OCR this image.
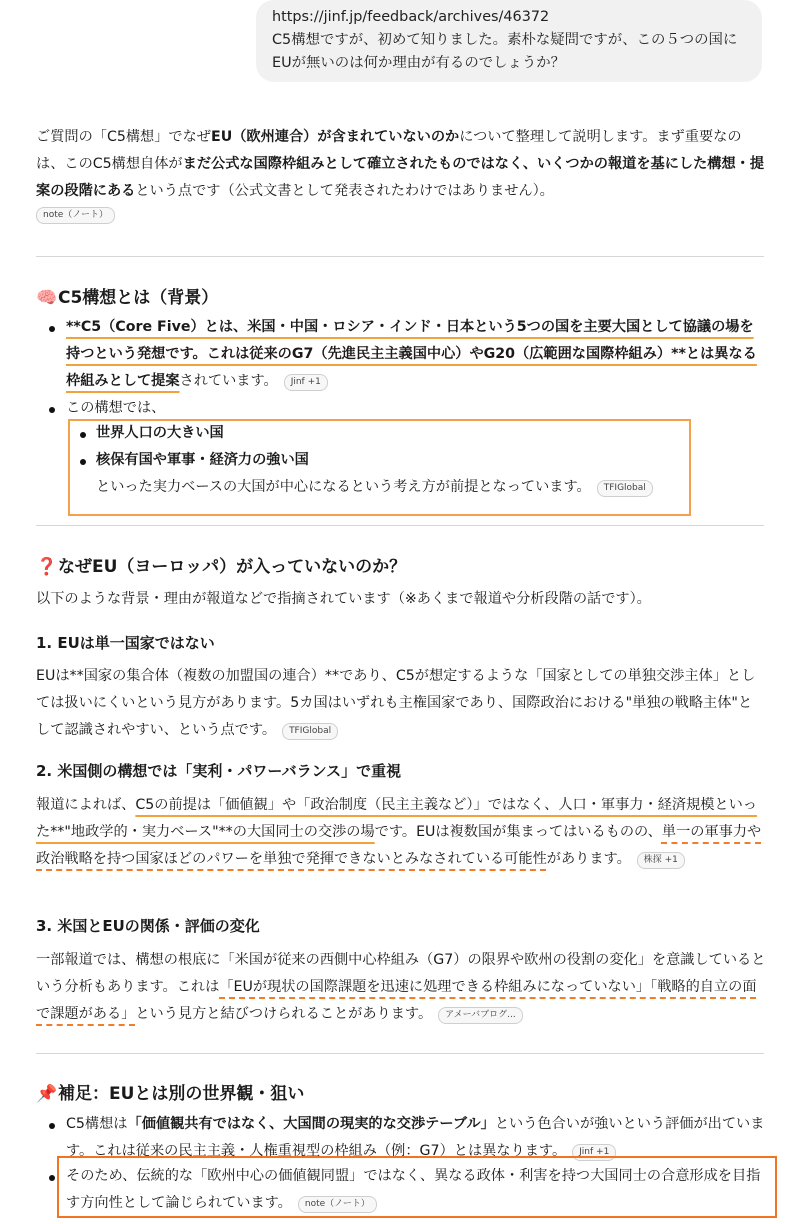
https://jinf.jp/feedback/archives/46372
C5構想ですが、初めて知りました。素朴な疑問ですが、この５つの国にEUが無いのは何か理由が有るのでしょうか？
ご質問の「C5構想」でなぜEU（欧州連合）が含まれていないのかについて整理して説明します。まず重要なのは、このC5構想自体がまだ公式な国際枠組みとして確立されたものではなく、いくつかの報道を基にした構想・提案の段階にあるという点です（公式文書として発表されたわけではありません）。
note（ノート）
🧠C5構想とは（背景）
**C5（Core Five）とは、米国・中国・ロシア・インド・日本という5つの国を主要大国として協議の場を持つという発想です。これは従来のG7（先進民主主義国中心）やG20（広範囲な国際枠組み）**とは異なる枠組みとして提案されています。 Jinf +1
この構想では、
世界人口の大きい国
核保有国や軍事・経済力の強い国
といった実力ベースの大国が中心になるという考え方が前提となっています。 TFIGlobal
❓なぜEU（ヨーロッパ）が入っていないのか？
以下のような背景・理由が報道などで指摘されています（※あくまで報道や分析段階の話です）。
1. EUは単一国家ではない
EUは**国家の集合体（複数の加盟国の連合）**であり、C5が想定するような「国家としての単独交渉主体」としては扱いにくいという見方があります。5カ国はいずれも主権国家であり、国際政治における"単独の戦略主体"として認識されやすい、という点です。 TFIGlobal
2. 米国側の構想では「実利・パワーバランス」で重視
報道によれば、C5の前提は「価値観」や「政治制度（民主主義など）」ではなく、人口・軍事力・経済規模といった**"地政学的・実力ベース"**の大国同士の交渉の場です。EUは複数国が集まってはいるものの、単一の軍事力や政治戦略を持つ国家ほどのパワーを単独で発揮できないとみなされている可能性があります。 株探 +1
3. 米国とEUの関係・評価の変化
一部報道では、構想の根底に「米国が従来の西側中心枠組み（G7）の限界や欧州の役割の変化」を意識しているという分析もあります。これは「EUが現状の国際課題を迅速に処理できる枠組みになっていない」「戦略的自立の面で課題がある」という見方と結びつけられることがあります。 アメーバブログ...
📌補足：EUとは別の世界観・狙い
C5構想は「価値観共有ではなく、大国間の現実的な交渉テーブル」という色合いが強いという評価が出ています。これは従来の民主主義・人権重視型の枠組み（例：G7）とは異なります。 Jinf +1
そのため、伝統的な「欧州中心の価値観同盟」ではなく、異なる政体・利害を持つ大国同士の合意形成を目指す方向性として論じられています。 note（ノート）
